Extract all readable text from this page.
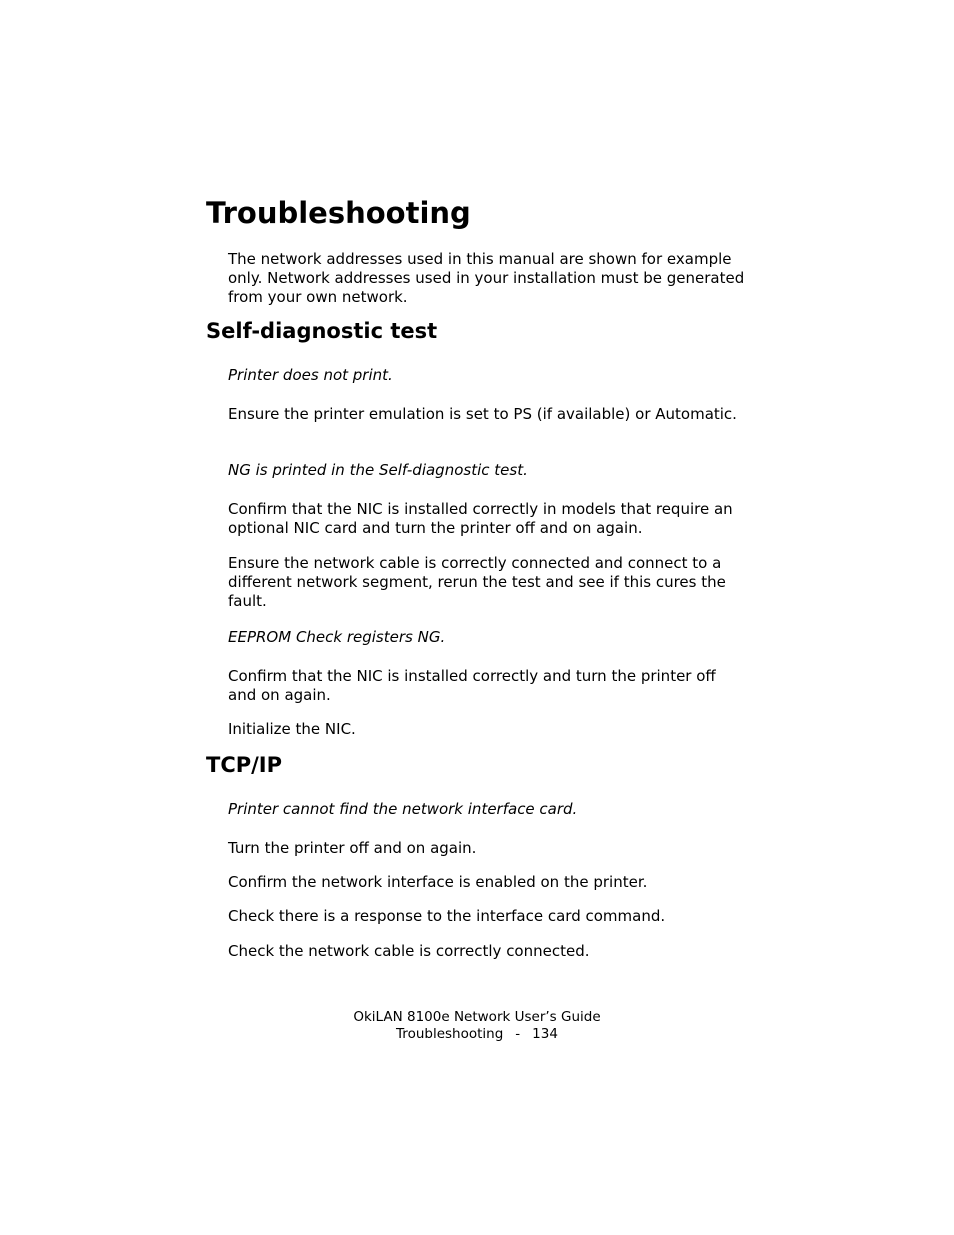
Troubleshooting

The network addresses used in this manual are shown for example only. Network addresses used in your installation must be generated from your own network.

Self-diagnostic test

Printer does not print.

Ensure the printer emulation is set to PS (if available) or Automatic.

NG is printed in the Self-diagnostic test.

Confirm that the NIC is installed correctly in models that require an optional NIC card and turn the printer off and on again.

Ensure the network cable is correctly connected and connect to a different network segment, rerun the test and see if this cures the fault.

EEPROM Check registers NG.

Confirm that the NIC is installed correctly and turn the printer off and on again.

Initialize the NIC.

TCP/IP

Printer cannot find the network interface card.

Turn the printer off and on again.

Confirm the network interface is enabled on the printer.

Check there is a response to the interface card command.

Check the network cable is correctly connected.

OkiLAN 8100e Network User’s Guide

Troubleshooting - 134
